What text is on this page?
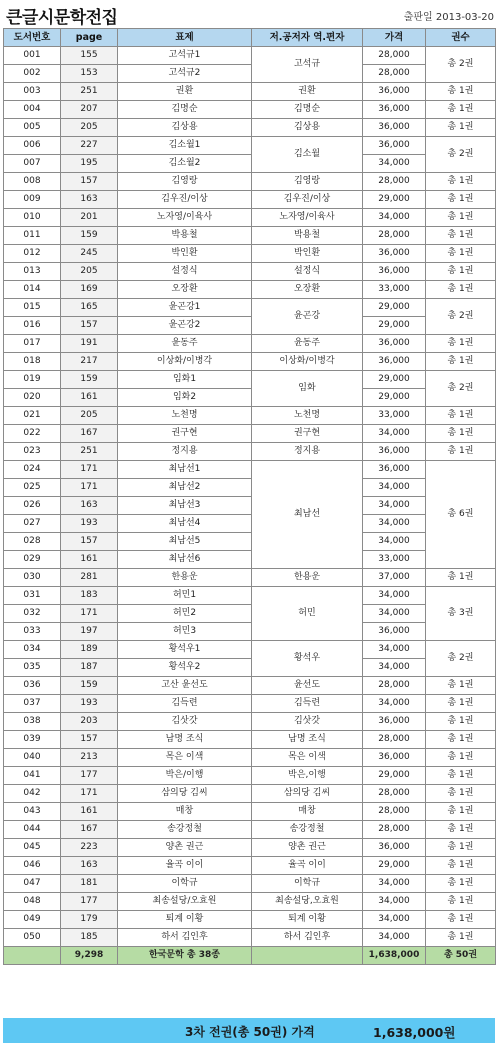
큰글시문학전집	출판일 2013-03-20
도서번호	page	표제	저.공저자 역.편자	가격	권수
001	155	고석규1	고석규	28,000	총 2권
002	153	고석규2		28,000	
003	251	권환	권환	36,000	총 1권
004	207	김명순	김명순	36,000	총 1권
005	205	김상용	김상용	36,000	총 1권
006	227	김소월1	김소월	36,000	총 2권
007	195	김소월2		34,000	
008	157	김영랑	김영랑	28,000	총 1권
009	163	김우진/이상	김우진/이상	29,000	총 1권
010	201	노자영/이육사	노자영/이육사	34,000	총 1권
011	159	박용철	박용철	28,000	총 1권
012	245	박인환	박인환	36,000	총 1권
013	205	설정식	설정식	36,000	총 1권
014	169	오장환	오장환	33,000	총 1권
015	165	윤곤강1	윤곤강	29,000	총 2권
016	157	윤곤강2		29,000	
017	191	윤동주	윤동주	36,000	총 1권
018	217	이상화/이병각	이상화/이병각	36,000	총 1권
019	159	임화1	임화	29,000	총 2권
020	161	임화2		29,000	
021	205	노천명	노천명	33,000	총 1권
022	167	권구현	권구현	34,000	총 1권
023	251	정지용	정지용	36,000	총 1권
024	171	최남선1	최남선	36,000	총 6권
025	171	최남선2		34,000	
026	163	최남선3		34,000	
027	193	최남선4		34,000	
028	157	최남선5		34,000	
029	161	최남선6		33,000	
030	281	한용운	한용운	37,000	총 1권
031	183	허민1	허민	34,000	총 3권
032	171	허민2		34,000	
033	197	허민3		36,000	
034	189	황석우1	황석우	34,000	총 2권
035	187	황석우2		34,000	
036	159	고산 윤선도	윤선도	28,000	총 1권
037	193	김득련	김득련	34,000	총 1권
038	203	김삿갓	김삿갓	36,000	총 1권
039	157	남명 조식	남명 조식	28,000	총 1권
040	213	목은 이색	목은 이색	36,000	총 1권
041	177	박은/이행	박은,이행	29,000	총 1권
042	171	삼의당 김씨	삼의당 김씨	28,000	총 1권
043	161	매창	매창	28,000	총 1권
044	167	송강정철	송강정철	28,000	총 1권
045	223	양촌 권근	양촌 권근	36,000	총 1권
046	163	율곡 이이	율곡 이이	29,000	총 1권
047	181	이학규	이학규	34,000	총 1권
048	177	최송설당/오효원	최송설당,오효원	34,000	총 1권
049	179	퇴계 이황	퇴계 이황	34,000	총 1권
050	185	하서 김인후	하서 김인후	34,000	총 1권
	9,298	한국문학 총 38종		1,638,000	총 50권
3차 전권(총 50권) 가격	1,638,000원
